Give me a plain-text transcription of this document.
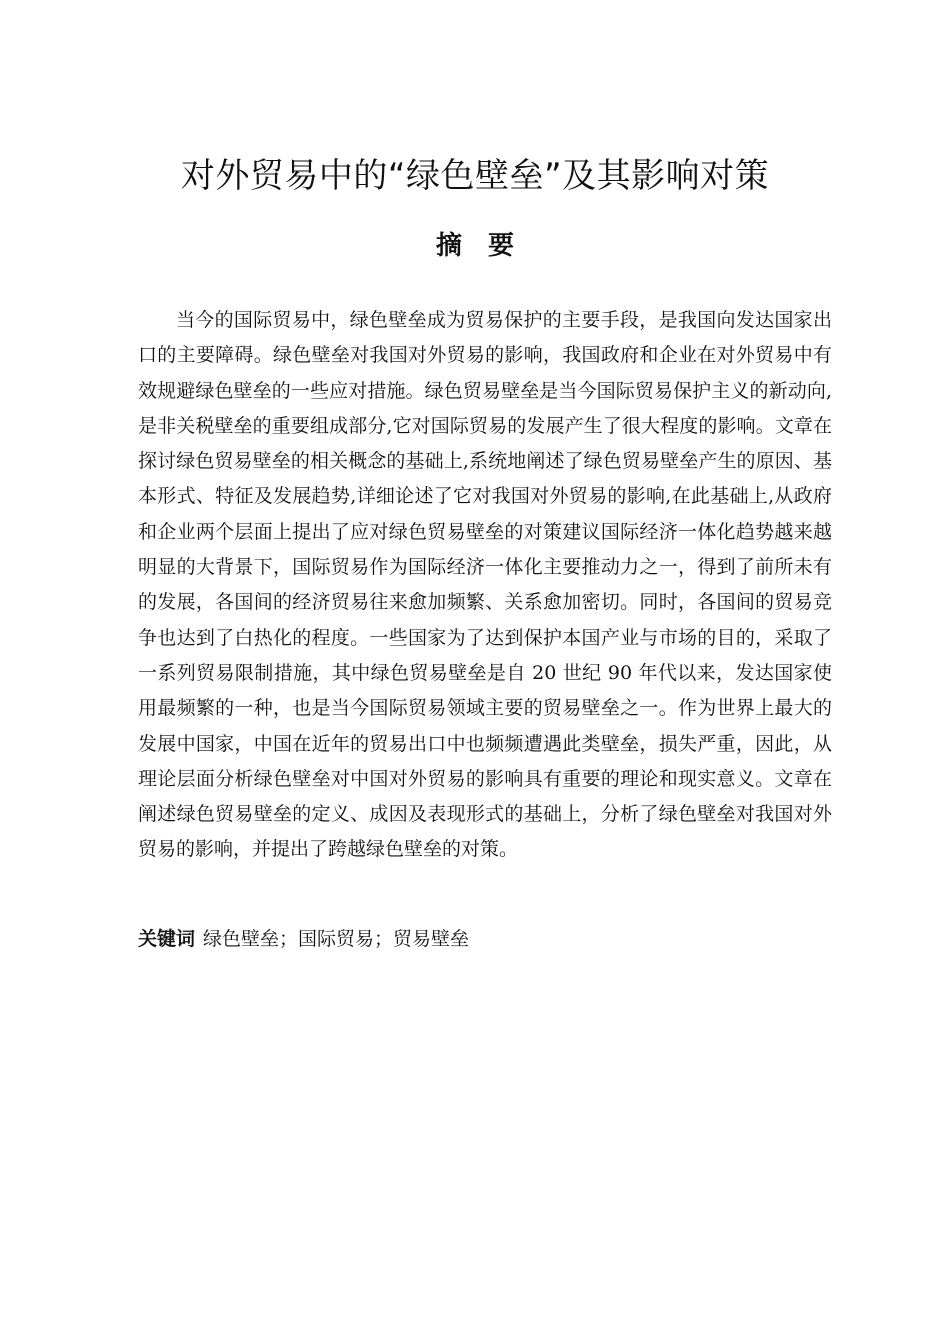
对外贸易中的“绿色壁垒”及其影响对策
摘要

当今的国际贸易中，绿色壁垒成为贸易保护的主要手段，是我国向发达国家出口的主要障碍。绿色壁垒对我国对外贸易的影响，我国政府和企业在对外贸易中有效规避绿色壁垒的一些应对措施。绿色贸易壁垒是当今国际贸易保护主义的新动向,是非关税壁垒的重要组成部分,它对国际贸易的发展产生了很大程度的影响。文章在探讨绿色贸易壁垒的相关概念的基础上,系统地阐述了绿色贸易壁垒产生的原因、基本形式、特征及发展趋势,详细论述了它对我国对外贸易的影响,在此基础上,从政府和企业两个层面上提出了应对绿色贸易壁垒的对策建议国际经济一体化趋势越来越明显的大背景下，国际贸易作为国际经济一体化主要推动力之一，得到了前所未有的发展，各国间的经济贸易往来愈加频繁、关系愈加密切。同时，各国间的贸易竞争也达到了白热化的程度。一些国家为了达到保护本国产业与市场的目的，采取了一系列贸易限制措施，其中绿色贸易壁垒是自 20 世纪 90 年代以来，发达国家使用最频繁的一种，也是当今国际贸易领域主要的贸易壁垒之一。作为世界上最大的发展中国家，中国在近年的贸易出口中也频频遭遇此类壁垒，损失严重，因此，从理论层面分析绿色壁垒对中国对外贸易的影响具有重要的理论和现实意义。文章在阐述绿色贸易壁垒的定义、成因及表现形式的基础上，分析了绿色壁垒对我国对外贸易的影响，并提出了跨越绿色壁垒的对策。

关键词 绿色壁垒；国际贸易；贸易壁垒
